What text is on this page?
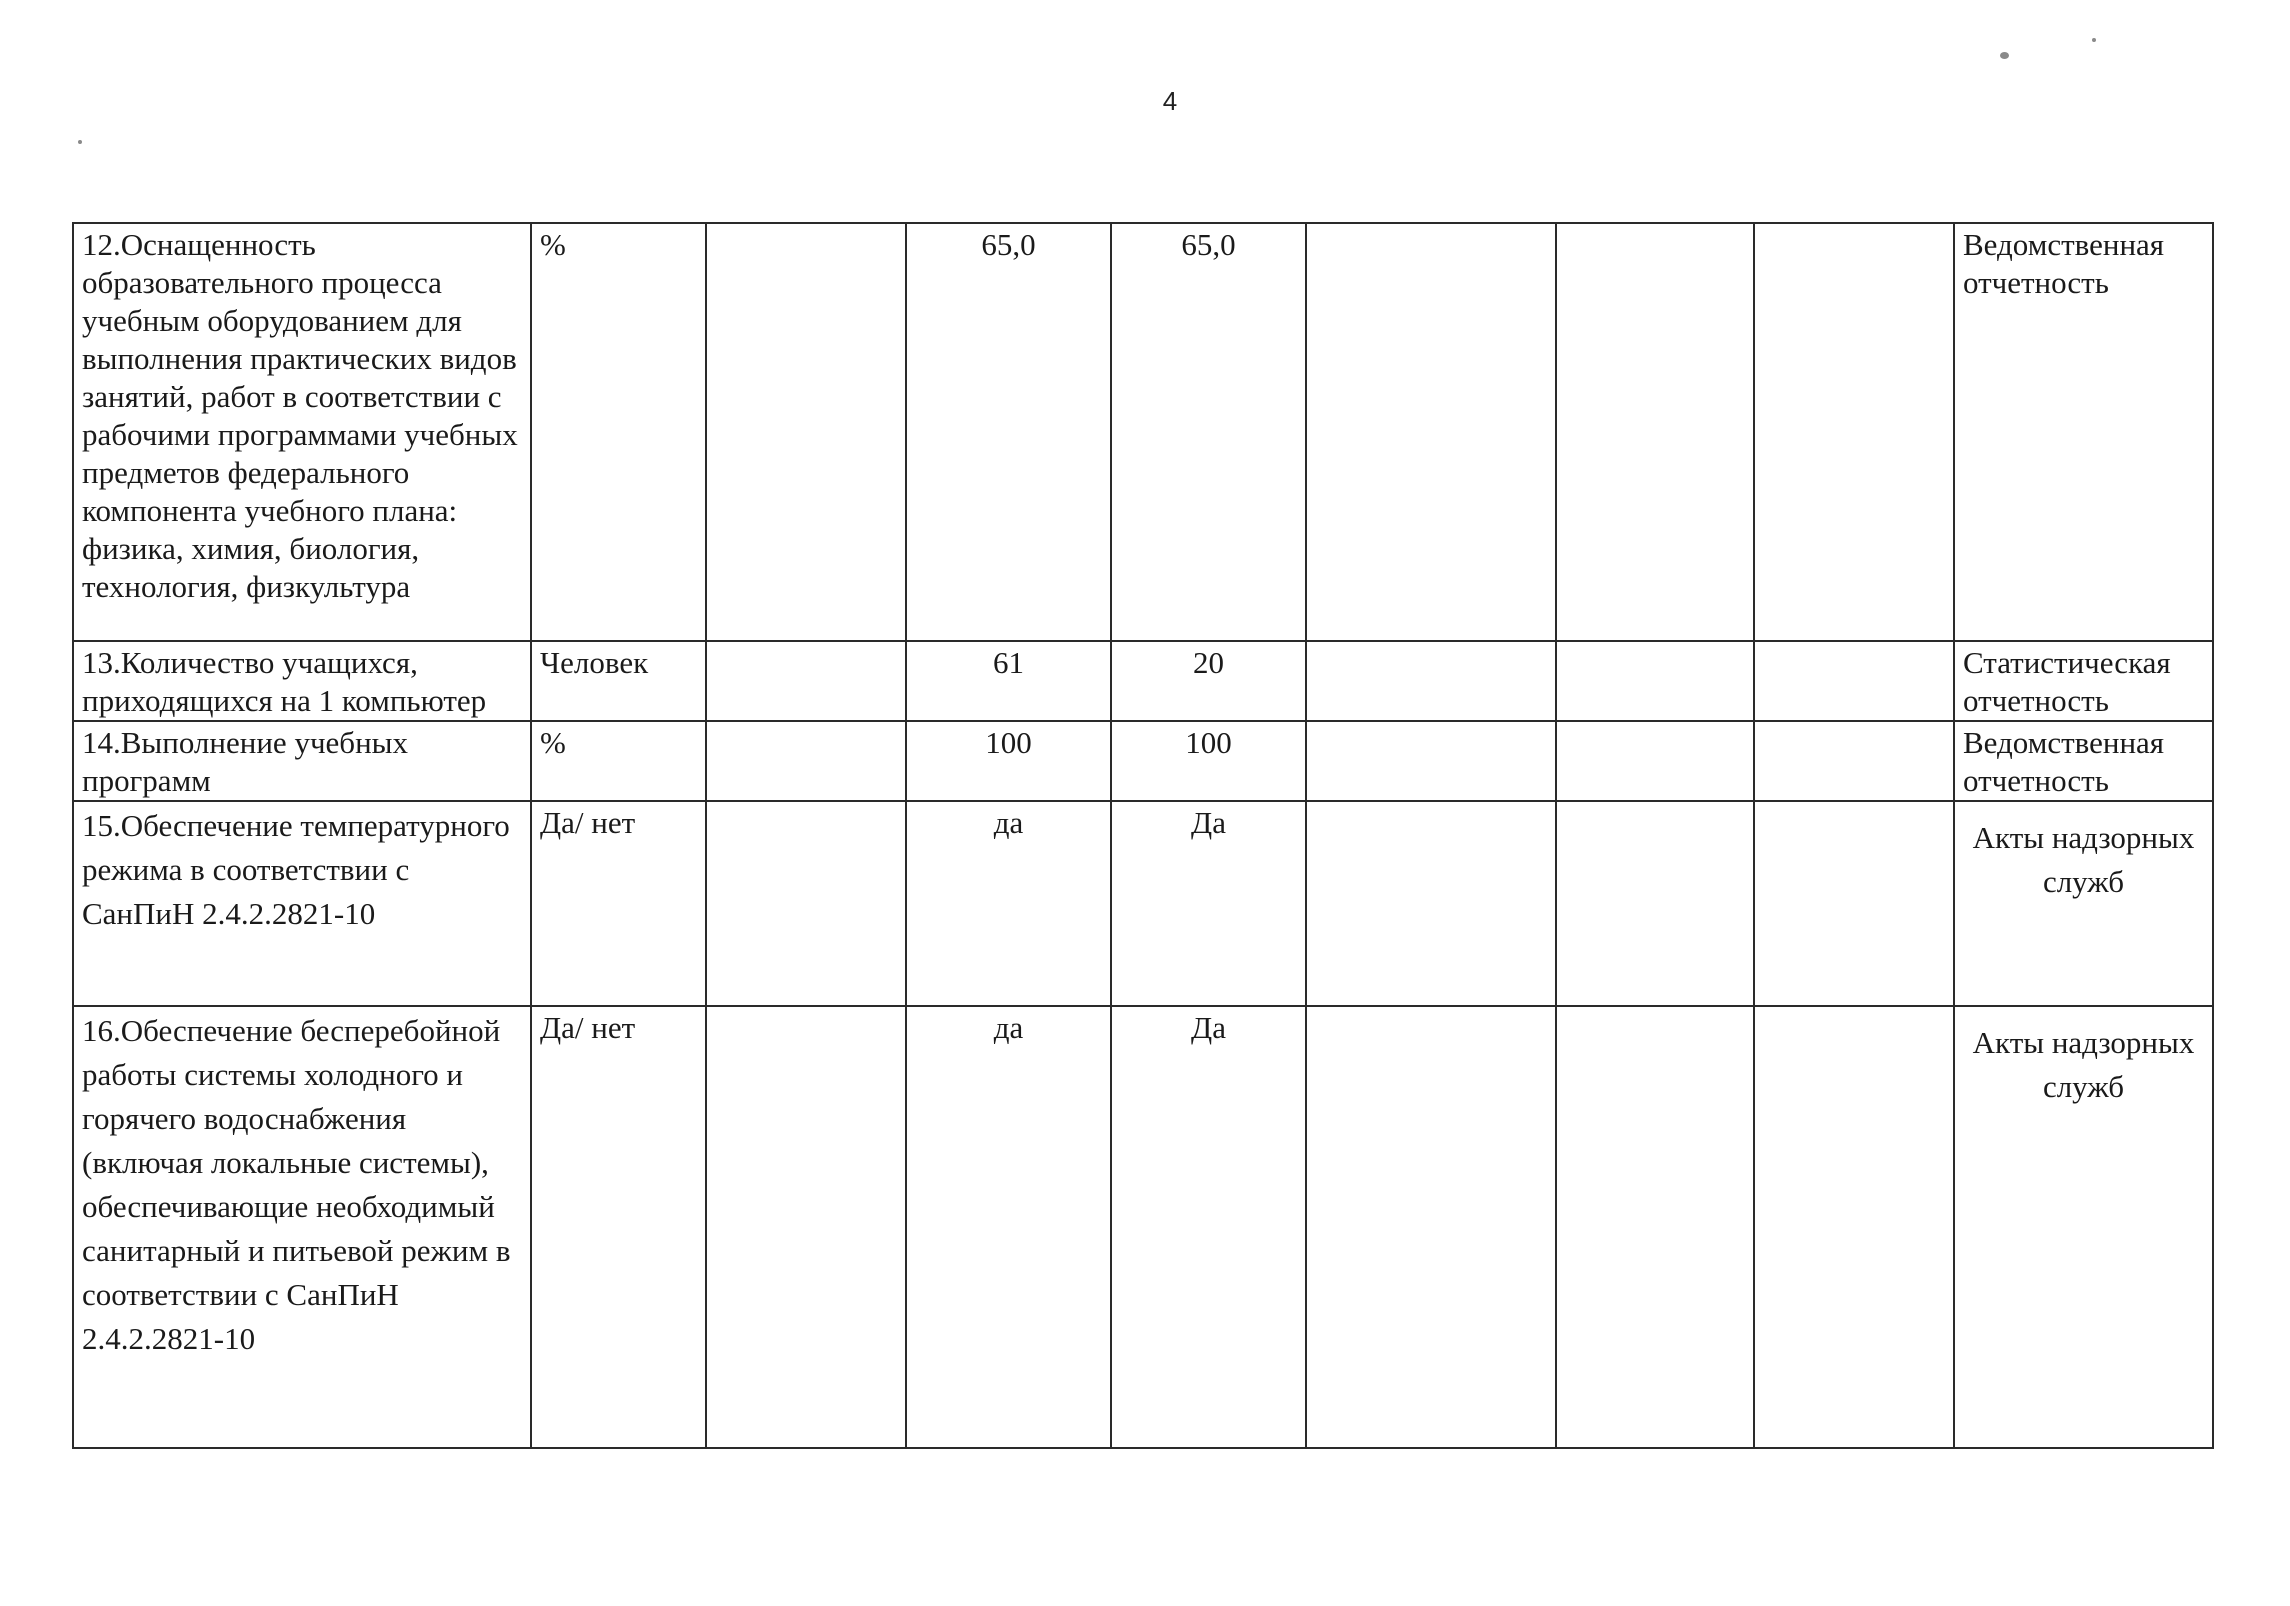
4
12.Оснащенность образовательного процесса учебным оборудованием для выполнения практических видов занятий, работ в соответствии с рабочими программами учебных предметов федерального компонента учебного плана: физика, химия, биология, технология, физкультура	%		65,0	65,0				Ведомственная отчетность
13.Количество учащихся, приходящихся на 1 компьютер	Человек		61	20				Статистическая отчетность
14.Выполнение учебных программ	%		100	100				Ведомственная отчетность
15.Обеспечение температурного режима в соответствии с СанПиН 2.4.2.2821-10	Да/ нет		да	Да				Акты надзорных служб
16.Обеспечение бесперебойной работы системы холодного и горячего водоснабжения (включая локальные системы), обеспечивающие необходимый санитарный и питьевой режим в соответствии с СанПиН 2.4.2.2821-10	Да/ нет		да	Да				Акты надзорных служб
